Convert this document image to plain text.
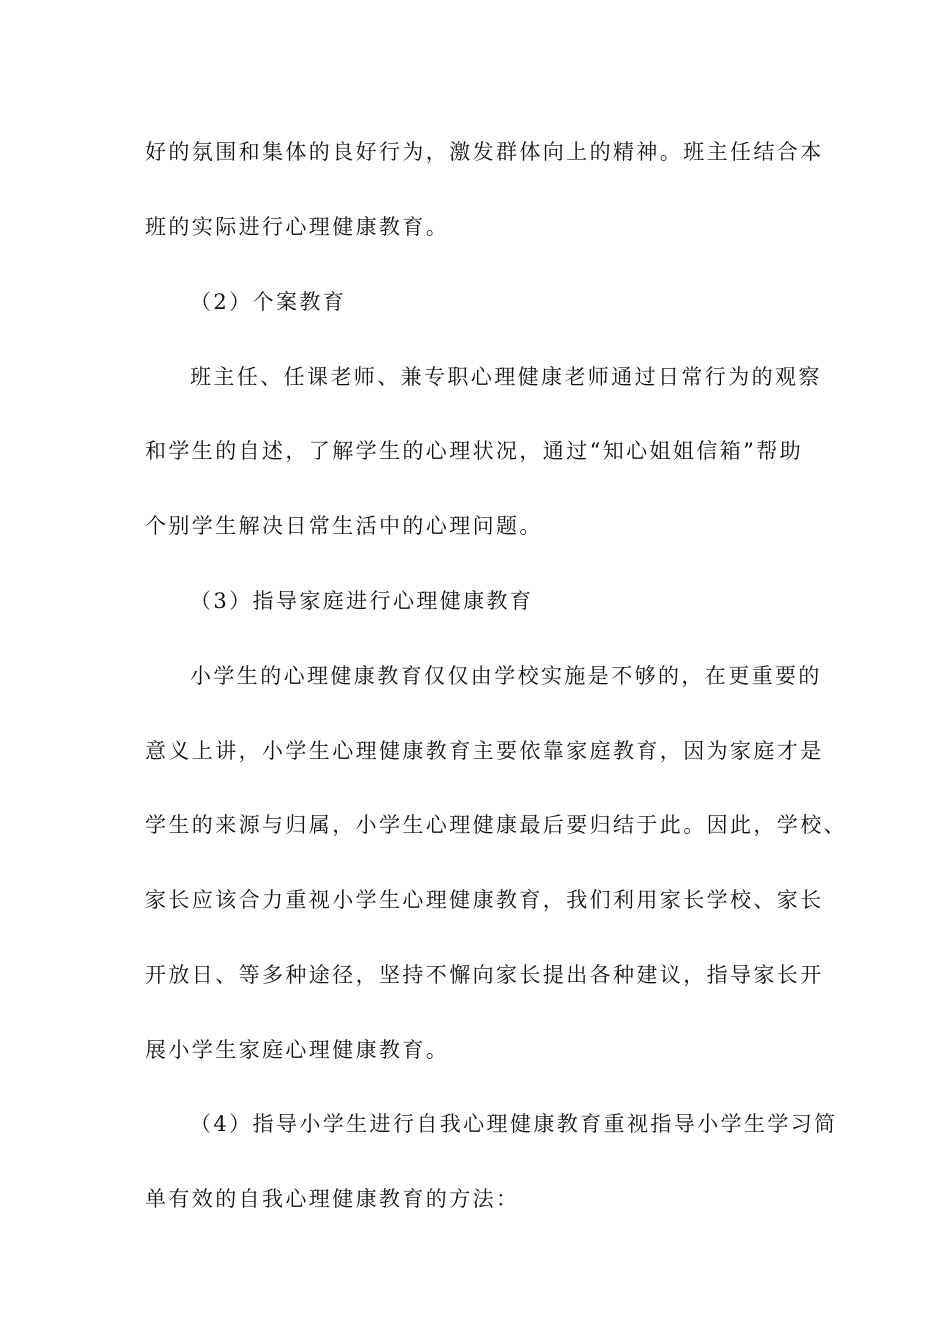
好的氛围和集体的良好行为，激发群体向上的精神。班主任结合本
班的实际进行心理健康教育。
（2）个案教育
班主任、任课老师、兼专职心理健康老师通过日常行为的观察
和学生的自述，了解学生的心理状况，通过“知心姐姐信箱”帮助
个别学生解决日常生活中的心理问题。
（3）指导家庭进行心理健康教育
小学生的心理健康教育仅仅由学校实施是不够的，在更重要的
意义上讲，小学生心理健康教育主要依靠家庭教育，因为家庭才是
学生的来源与归属，小学生心理健康最后要归结于此。因此，学校、
家长应该合力重视小学生心理健康教育，我们利用家长学校、家长
开放日、等多种途径，坚持不懈向家长提出各种建议，指导家长开
展小学生家庭心理健康教育。
（4）指导小学生进行自我心理健康教育重视指导小学生学习简
单有效的自我心理健康教育的方法：
